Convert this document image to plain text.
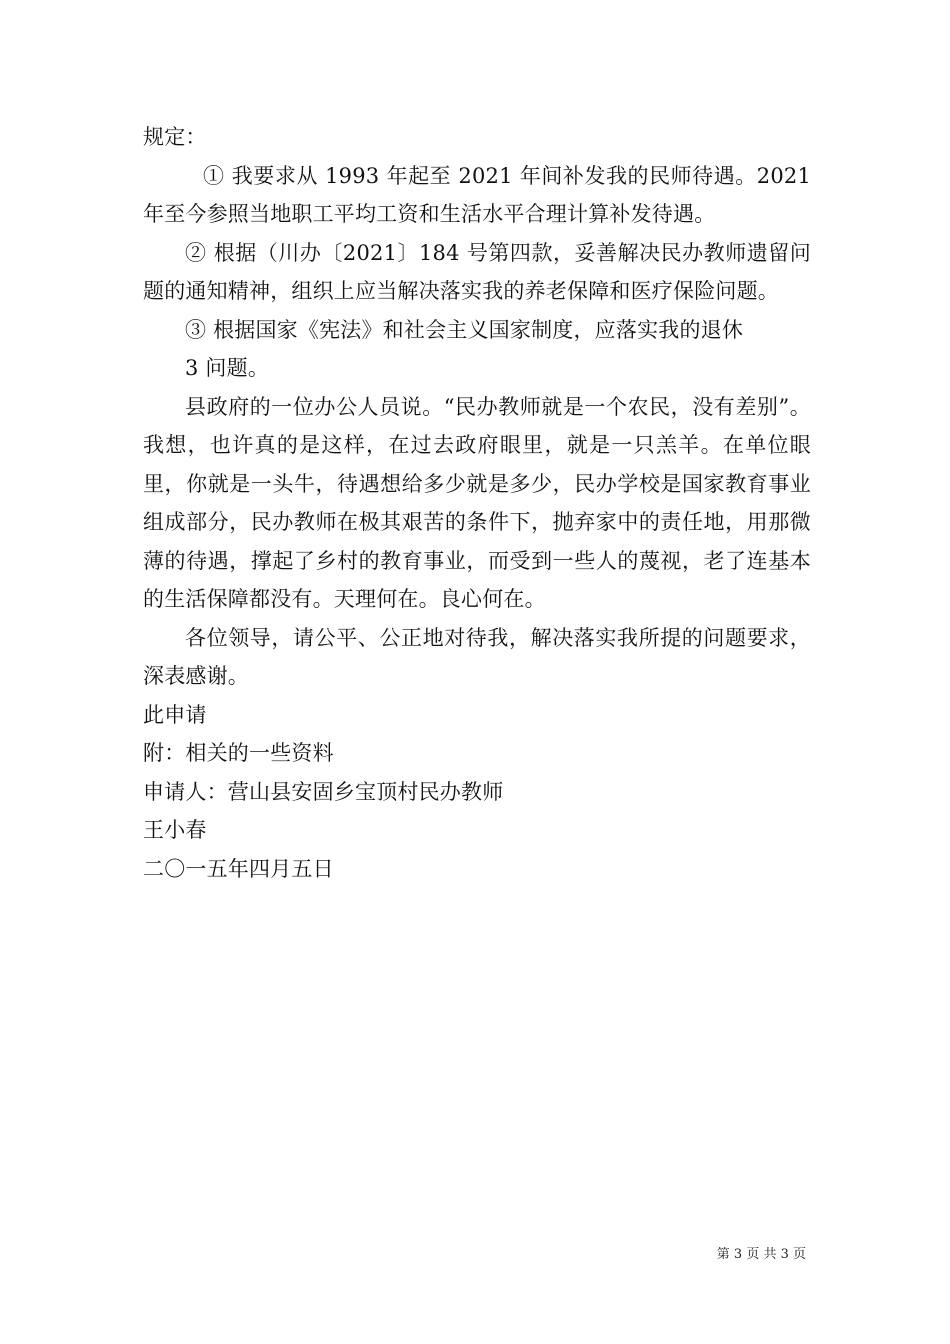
规定：

① 我要求从 1993 年起至 2021 年间补发我的民师待遇。2021 年至今参照当地职工平均工资和生活水平合理计算补发待遇。

② 根据（川办〔2021〕184 号第四款，妥善解决民办教师遗留问题的通知精神，组织上应当解决落实我的养老保障和医疗保险问题。

③ 根据国家《宪法》和社会主义国家制度，应落实我的退休

3 问题。

县政府的一位办公人员说。“民办教师就是一个农民，没有差别”。我想，也许真的是这样，在过去政府眼里，就是一只羔羊。在单位眼里，你就是一头牛，待遇想给多少就是多少，民办学校是国家教育事业组成部分，民办教师在极其艰苦的条件下，抛弃家中的责任地，用那微薄的待遇，撑起了乡村的教育事业，而受到一些人的蔑视，老了连基本的生活保障都没有。天理何在。良心何在。

各位领导，请公平、公正地对待我，解决落实我所提的问题要求，深表感谢。

此申请

附：相关的一些资料

申请人：营山县安固乡宝顶村民办教师

王小春

二〇一五年四月五日

第 3 页 共 3 页
